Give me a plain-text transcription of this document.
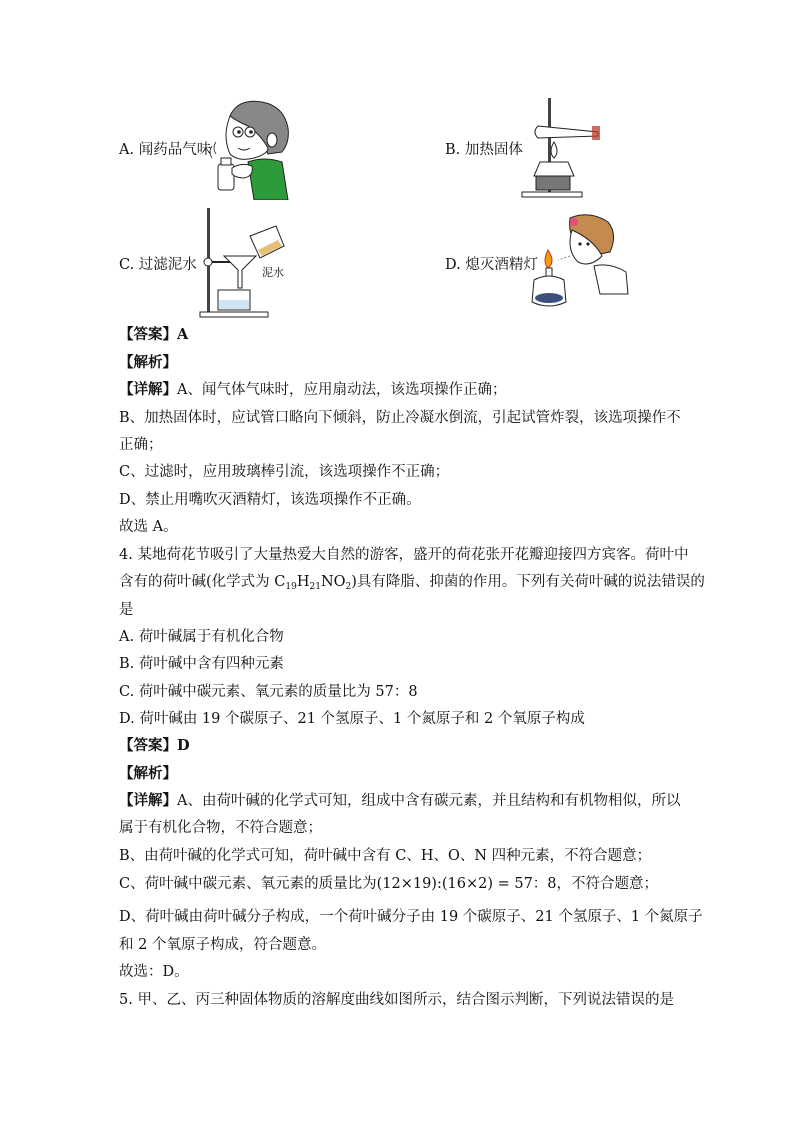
A. 闻药品气味	B. 加热固体
C. 过滤泥水	泥水	D. 熄灭酒精灯
【答案】A
【解析】
【详解】A、闻气体气味时，应用扇动法，该选项操作正确；
B、加热固体时，应试管口略向下倾斜，防止冷凝水倒流，引起试管炸裂，该选项操作不
正确；
C、过滤时，应用玻璃棒引流，该选项操作不正确；
D、禁止用嘴吹灭酒精灯，该选项操作不正确。
故选 A。
4. 某地荷花节吸引了大量热爱大自然的游客，盛开的荷花张开花瓣迎接四方宾客。荷叶中
含有的荷叶碱(化学式为 $C_{19}H_{21}NO_2$)具有降脂、抑菌的作用。下列有关荷叶碱的说法错误的
是
A. 荷叶碱属于有机化合物
B. 荷叶碱中含有四种元素
C. 荷叶碱中碳元素、氧元素的质量比为 57：8
D. 荷叶碱由 19 个碳原子、21 个氢原子、1 个氮原子和 2 个氧原子构成
【答案】D
【解析】
【详解】A、由荷叶碱的化学式可知，组成中含有碳元素，并且结构和有机物相似，所以
属于有机化合物，不符合题意；
B、由荷叶碱的化学式可知，荷叶碱中含有 C、H、O、N 四种元素，不符合题意；
C、荷叶碱中碳元素、氧元素的质量比为(12×19):(16×2) = 57：8，不符合题意；
D、荷叶碱由荷叶碱分子构成，一个荷叶碱分子由 19 个碳原子、21 个氢原子、1 个氮原子
和 2 个氧原子构成，符合题意。
故选：D。
5. 甲、乙、丙三种固体物质的溶解度曲线如图所示，结合图示判断，下列说法错误的是
